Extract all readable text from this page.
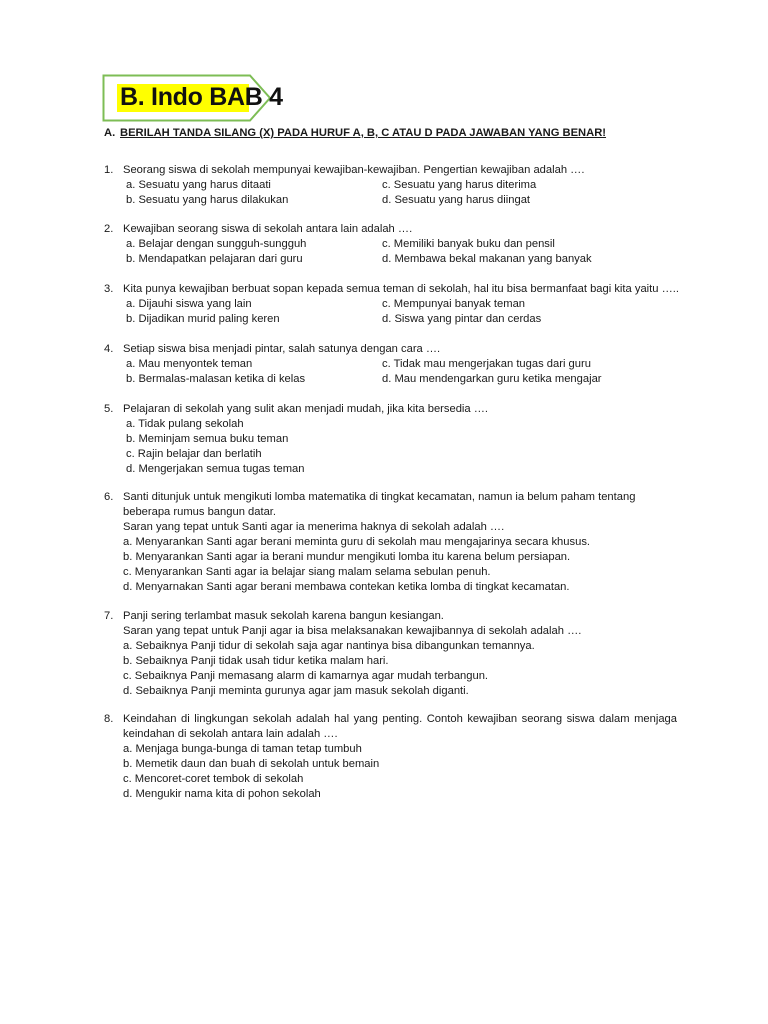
B. Indo BAB 4
A. BERILAH TANDA SILANG (X) PADA HURUF A, B, C ATAU D PADA JAWABAN YANG BENAR!
1. Seorang siswa di sekolah mempunyai kewajiban-kewajiban. Pengertian kewajiban adalah ….
a. Sesuatu yang harus ditaati	c. Sesuatu yang harus diterima
b. Sesuatu yang harus dilakukan	d. Sesuatu yang harus diingat
2. Kewajiban seorang siswa di sekolah antara lain adalah ….
a. Belajar dengan sungguh-sungguh	c. Memiliki banyak buku dan pensil
b. Mendapatkan pelajaran dari guru	d. Membawa bekal makanan yang banyak
3. Kita punya kewajiban berbuat sopan kepada semua teman di sekolah, hal itu bisa bermanfaat bagi kita yaitu …..
a. Dijauhi siswa yang lain	c. Mempunyai banyak teman
b. Dijadikan murid paling keren	d. Siswa yang pintar dan cerdas
4. Setiap siswa bisa menjadi pintar, salah satunya dengan cara ….
a. Mau menyontek teman	c. Tidak mau mengerjakan tugas dari guru
b. Bermalas-malasan ketika di kelas	d. Mau mendengarkan guru ketika mengajar
5. Pelajaran di sekolah yang sulit akan menjadi mudah, jika kita bersedia ….
a. Tidak pulang sekolah
b. Meminjam semua buku teman
c. Rajin belajar dan berlatih
d. Mengerjakan semua tugas teman
6. Santi ditunjuk untuk mengikuti lomba matematika di tingkat kecamatan, namun ia belum paham tentang beberapa rumus bangun datar.
Saran yang tepat untuk Santi agar ia menerima haknya di sekolah adalah ….
a. Menyarankan Santi agar berani meminta guru di sekolah mau mengajarinya secara khusus.
b. Menyarankan Santi agar ia berani mundur mengikuti lomba itu karena belum persiapan.
c. Menyarankan Santi agar ia belajar siang malam selama sebulan penuh.
d. Menyarnakan Santi agar berani membawa contekan ketika lomba di tingkat kecamatan.
7. Panji sering terlambat masuk sekolah karena bangun kesiangan.
Saran yang tepat untuk Panji agar ia bisa melaksanakan kewajibannya di sekolah adalah ….
a. Sebaiknya Panji tidur di sekolah saja agar nantinya bisa dibangunkan temannya.
b. Sebaiknya Panji tidak usah tidur ketika malam hari.
c. Sebaiknya Panji memasang alarm di kamarnya agar mudah terbangun.
d. Sebaiknya Panji meminta gurunya agar jam masuk sekolah diganti.
8. Keindahan di lingkungan sekolah adalah hal yang penting. Contoh kewajiban seorang siswa dalam menjaga keindahan di sekolah antara lain adalah ….
a. Menjaga bunga-bunga di taman tetap tumbuh
b. Memetik daun dan buah di sekolah untuk bemain
c. Mencoret-coret tembok di sekolah
d. Mengukir nama kita di pohon sekolah
